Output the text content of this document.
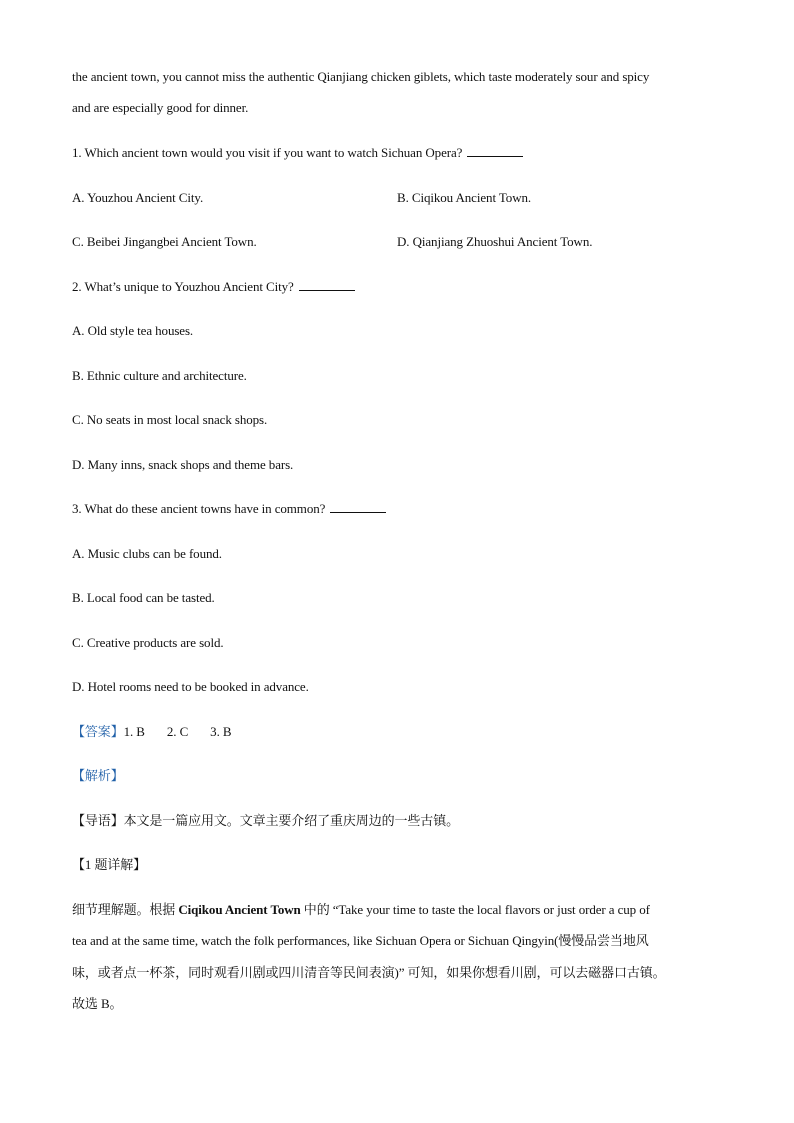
the ancient town, you cannot miss the authentic Qianjiang chicken giblets, which taste moderately sour and spicy
and are especially good for dinner.
1. Which ancient town would you visit if you want to watch Sichuan Opera?
A. Youzhou Ancient City.	B. Ciqikou Ancient Town.
C. Beibei Jingangbei Ancient Town.	D. Qianjiang Zhuoshui Ancient Town.
2. What’s unique to Youzhou Ancient City?
A. Old style tea houses.
B. Ethnic culture and architecture.
C. No seats in most local snack shops.
D. Many inns, snack shops and theme bars.
3. What do these ancient towns have in common?
A. Music clubs can be found.
B. Local food can be tasted.
C. Creative products are sold.
D. Hotel rooms need to be booked in advance.
【答案】1. B 2. C 3. B
【解析】
【导语】本文是一篇应用文。文章主要介绍了重庆周边的一些古镇。
【1 题详解】
细节理解题。根据 Ciqikou Ancient Town 中的 “Take your time to taste the local flavors or just order a cup of
tea and at the same time, watch the folk performances, like Sichuan Opera or Sichuan Qingyin(慢慢品尝当地风
味，或者点一杯茶，同时观看川剧或四川清音等民间表演)” 可知，如果你想看川剧，可以去磁器口古镇。
故选 B。
